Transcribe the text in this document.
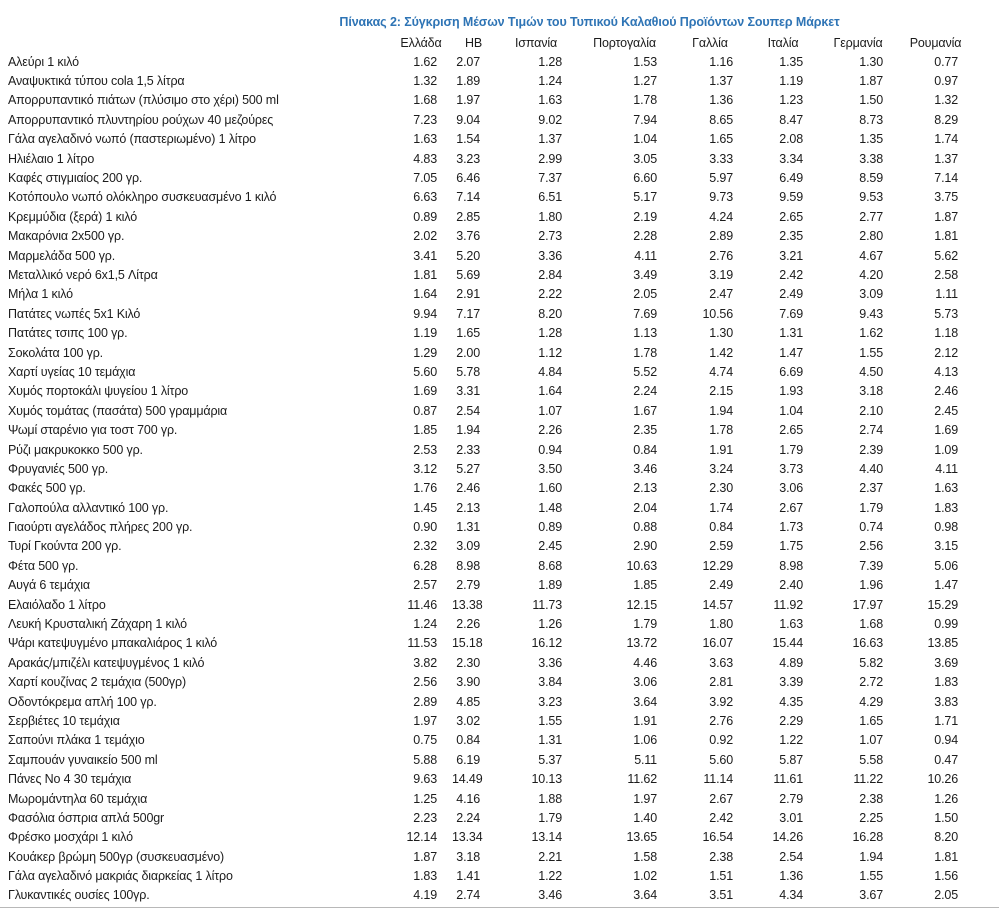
Πίνακας 2: Σύγκριση Μέσων Τιμών του Τυπικού Καλαθιού Προϊόντων Σουπερ Μάρκετ
	Ελλάδα	ΗΒ	Ισπανία	Πορτογαλία	Γαλλία	Ιταλία	Γερμανία	Ρουμανία
Αλεύρι 1 κιλό	1.62	2.07	1.28	1.53	1.16	1.35	1.30	0.77
Αναψυκτικά τύπου cola 1,5 λίτρα	1.32	1.89	1.24	1.27	1.37	1.19	1.87	0.97
Απορρυπαντικό πιάτων (πλύσιμο στο χέρι) 500 ml	1.68	1.97	1.63	1.78	1.36	1.23	1.50	1.32
Απορρυπαντικό πλυντηρίου ρούχων 40 μεζούρες	7.23	9.04	9.02	7.94	8.65	8.47	8.73	8.29
Γάλα αγελαδινό νωπό (παστεριωμένο) 1 λίτρο	1.63	1.54	1.37	1.04	1.65	2.08	1.35	1.74
Ηλιέλαιο 1 λίτρο	4.83	3.23	2.99	3.05	3.33	3.34	3.38	1.37
Καφές στιγμιαίος 200 γρ.	7.05	6.46	7.37	6.60	5.97	6.49	8.59	7.14
Κοτόπουλο νωπό ολόκληρο συσκευασμένο 1 κιλό	6.63	7.14	6.51	5.17	9.73	9.59	9.53	3.75
Κρεμμύδια (ξερά) 1 κιλό	0.89	2.85	1.80	2.19	4.24	2.65	2.77	1.87
Μακαρόνια 2x500 γρ.	2.02	3.76	2.73	2.28	2.89	2.35	2.80	1.81
Μαρμελάδα 500 γρ.	3.41	5.20	3.36	4.11	2.76	3.21	4.67	5.62
Μεταλλικό νερό 6x1,5 Λίτρα	1.81	5.69	2.84	3.49	3.19	2.42	4.20	2.58
Μήλα 1 κιλό	1.64	2.91	2.22	2.05	2.47	2.49	3.09	1.11
Πατάτες νωπές 5x1 Κιλό	9.94	7.17	8.20	7.69	10.56	7.69	9.43	5.73
Πατάτες τσιπς 100 γρ.	1.19	1.65	1.28	1.13	1.30	1.31	1.62	1.18
Σοκολάτα 100 γρ.	1.29	2.00	1.12	1.78	1.42	1.47	1.55	2.12
Χαρτί υγείας 10 τεμάχια	5.60	5.78	4.84	5.52	4.74	6.69	4.50	4.13
Χυμός πορτοκάλι ψυγείου 1 λίτρο	1.69	3.31	1.64	2.24	2.15	1.93	3.18	2.46
Χυμός τομάτας (πασάτα) 500 γραμμάρια	0.87	2.54	1.07	1.67	1.94	1.04	2.10	2.45
Ψωμί σταρένιο για τοστ 700 γρ.	1.85	1.94	2.26	2.35	1.78	2.65	2.74	1.69
Ρύζι μακρυκοκκο 500 γρ.	2.53	2.33	0.94	0.84	1.91	1.79	2.39	1.09
Φρυγανιές 500 γρ.	3.12	5.27	3.50	3.46	3.24	3.73	4.40	4.11
Φακές 500 γρ.	1.76	2.46	1.60	2.13	2.30	3.06	2.37	1.63
Γαλοπούλα αλλαντικό 100 γρ.	1.45	2.13	1.48	2.04	1.74	2.67	1.79	1.83
Γιαούρτι αγελάδος πλήρες 200 γρ.	0.90	1.31	0.89	0.88	0.84	1.73	0.74	0.98
Τυρί Γκούντα 200 γρ.	2.32	3.09	2.45	2.90	2.59	1.75	2.56	3.15
Φέτα 500 γρ.	6.28	8.98	8.68	10.63	12.29	8.98	7.39	5.06
Αυγά 6 τεμάχια	2.57	2.79	1.89	1.85	2.49	2.40	1.96	1.47
Ελαιόλαδο 1 λίτρο	11.46	13.38	11.73	12.15	14.57	11.92	17.97	15.29
Λευκή Κρυσταλική Ζάχαρη 1 κιλό	1.24	2.26	1.26	1.79	1.80	1.63	1.68	0.99
Ψάρι κατεψυγμένο μπακαλιάρος 1 κιλό	11.53	15.18	16.12	13.72	16.07	15.44	16.63	13.85
Αρακάς/μπιζέλι κατεψυγμένος 1 κιλό	3.82	2.30	3.36	4.46	3.63	4.89	5.82	3.69
Χαρτί κουζίνας 2 τεμάχια (500γρ)	2.56	3.90	3.84	3.06	2.81	3.39	2.72	1.83
Οδοντόκρεμα απλή 100 γρ.	2.89	4.85	3.23	3.64	3.92	4.35	4.29	3.83
Σερβιέτες 10 τεμάχια	1.97	3.02	1.55	1.91	2.76	2.29	1.65	1.71
Σαπούνι πλάκα 1 τεμάχιο	0.75	0.84	1.31	1.06	0.92	1.22	1.07	0.94
Σαμπουάν γυναικείο 500 ml	5.88	6.19	5.37	5.11	5.60	5.87	5.58	0.47
Πάνες Νο 4 30 τεμάχια	9.63	14.49	10.13	11.62	11.14	11.61	11.22	10.26
Μωρομάντηλα 60 τεμάχια	1.25	4.16	1.88	1.97	2.67	2.79	2.38	1.26
Φασόλια όσπρια απλά 500gr	2.23	2.24	1.79	1.40	2.42	3.01	2.25	1.50
Φρέσκο μοσχάρι 1 κιλό	12.14	13.34	13.14	13.65	16.54	14.26	16.28	8.20
Κουάκερ βρώμη 500γρ (συσκευασμένο)	1.87	3.18	2.21	1.58	2.38	2.54	1.94	1.81
Γάλα αγελαδινό μακριάς διαρκείας 1 λίτρο	1.83	1.41	1.22	1.02	1.51	1.36	1.55	1.56
Γλυκαντικές ουσίες 100γρ.	4.19	2.74	3.46	3.64	3.51	4.34	3.67	2.05
